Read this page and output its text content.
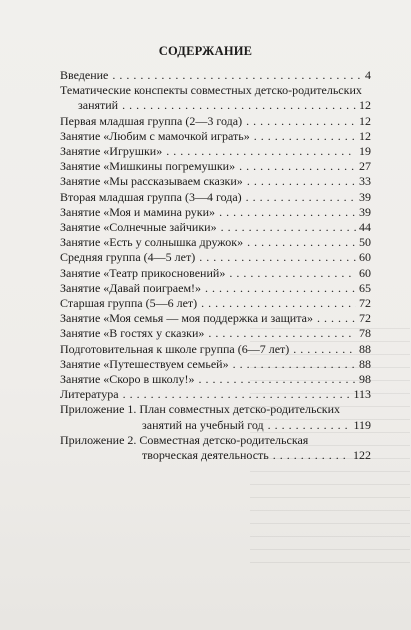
СОДЕРЖАНИЕ
Введение . . .	4
Тематические конспекты совместных детско-родительских
занятий . . .	12
Первая младшая группа (2—3 года) . . .	12
Занятие «Любим с мамочкой играть» . . .	12
Занятие «Игрушки» . . .	19
Занятие «Мишкины погремушки» . . .	27
Занятие «Мы рассказываем сказки» . . .	33
Вторая младшая группа (3—4 года) . . .	39
Занятие «Моя и мамина руки» . . .	39
Занятие «Солнечные зайчики» . . .	44
Занятие «Есть у солнышка дружок» . . .	50
Средняя группа (4—5 лет) . . .	60
Занятие «Театр прикосновений» . . .	60
Занятие «Давай поиграем!» . . .	65
Старшая группа (5—6 лет) . . .	72
Занятие «Моя семья — моя поддержка и защита» . . .	72
Занятие «В гостях у сказки» . . .	78
Подготовительная к школе группа (6—7 лет) . . .	88
Занятие «Путешествуем семьей» . . .	88
Занятие «Скоро в школу!» . . .	98
Литература . . .	113
Приложение 1. План совместных детско-родительских
занятий на учебный год . . .	119
Приложение 2. Совместная детско-родительская
творческая деятельность . . .	122
